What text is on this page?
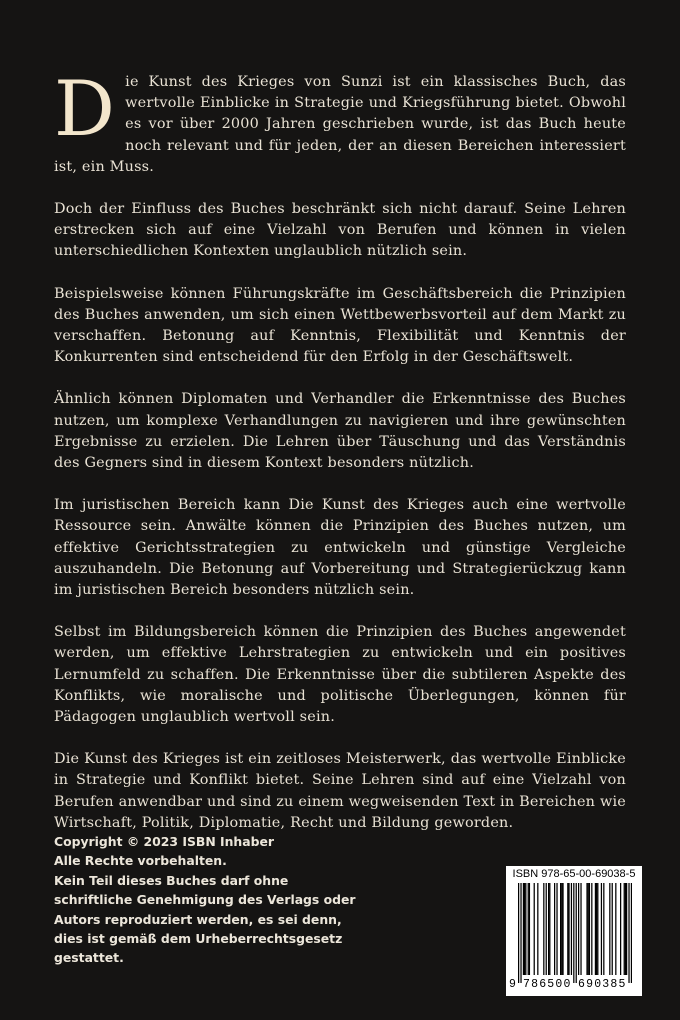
Die Kunst des Krieges von Sunzi ist ein klassisches Buch, das wertvolle Einblicke in Strategie und Kriegsführung bietet. Obwohl es vor über 2000 Jahren geschrieben wurde, ist das Buch heute noch relevant und für jeden, der an diesen Bereichen interessiert ist, ein Muss.

Doch der Einfluss des Buches beschränkt sich nicht darauf. Seine Lehren erstrecken sich auf eine Vielzahl von Berufen und können in vielen unterschiedlichen Kontexten unglaublich nützlich sein.

Beispielsweise können Führungskräfte im Geschäftsbereich die Prinzipien des Buches anwenden, um sich einen Wettbewerbsvorteil auf dem Markt zu verschaffen. Betonung auf Kenntnis, Flexibilität und Kenntnis der Konkurrenten sind entscheidend für den Erfolg in der Geschäftswelt.

Ähnlich können Diplomaten und Verhandler die Erkenntnisse des Buches nutzen, um komplexe Verhandlungen zu navigieren und ihre gewünschten Ergebnisse zu erzielen. Die Lehren über Täuschung und das Verständnis des Gegners sind in diesem Kontext besonders nützlich.

Im juristischen Bereich kann Die Kunst des Krieges auch eine wertvolle Ressource sein. Anwälte können die Prinzipien des Buches nutzen, um effektive Gerichtsstrategien zu entwickeln und günstige Vergleiche auszuhandeln. Die Betonung auf Vorbereitung und Strategierückzug kann im juristischen Bereich besonders nützlich sein.

Selbst im Bildungsbereich können die Prinzipien des Buches angewendet werden, um effektive Lehrstrategien zu entwickeln und ein positives Lernumfeld zu schaffen. Die Erkenntnisse über die subtileren Aspekte des Konflikts, wie moralische und politische Überlegungen, können für Pädagogen unglaublich wertvoll sein.

Die Kunst des Krieges ist ein zeitloses Meisterwerk, das wertvolle Einblicke in Strategie und Konflikt bietet. Seine Lehren sind auf eine Vielzahl von Berufen anwendbar und sind zu einem wegweisenden Text in Bereichen wie Wirtschaft, Politik, Diplomatie, Recht und Bildung geworden.

Copyright © 2023 ISBN Inhaber
Alle Rechte vorbehalten.
Kein Teil dieses Buches darf ohne
schriftliche Genehmigung des Verlags oder
Autors reproduziert werden, es sei denn,
dies ist gemäß dem Urheberrechtsgesetz
gestattet.
ISBN 978-65-00-69038-5
9 786500 690385
